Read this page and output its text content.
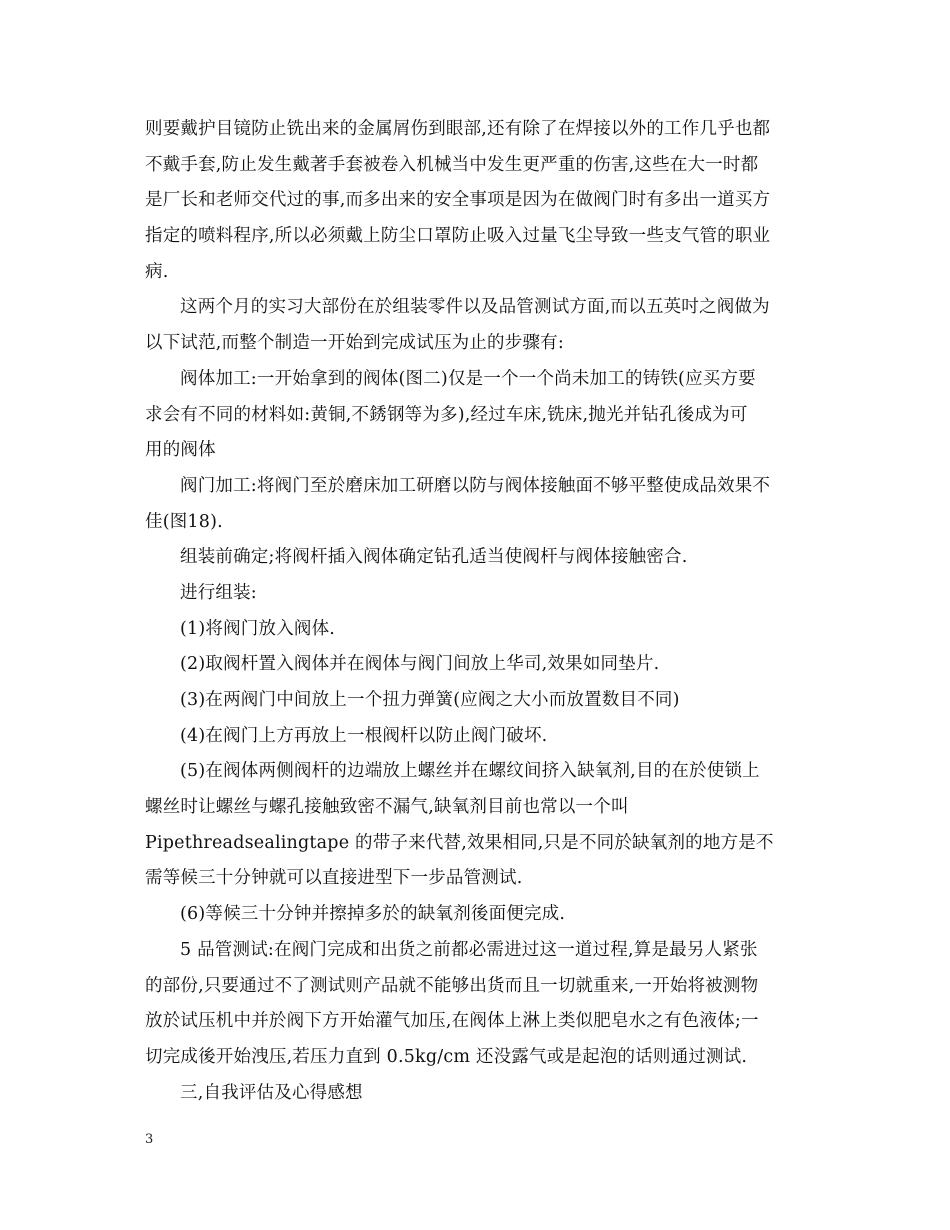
则要戴护目镜防止铣出来的金属屑伤到眼部,还有除了在焊接以外的工作几乎也都
不戴手套,防止发生戴著手套被卷入机械当中发生更严重的伤害,这些在大一时都
是厂长和老师交代过的事,而多出来的安全事项是因为在做阀门时有多出一道买方
指定的喷料程序,所以必须戴上防尘口罩防止吸入过量飞尘导致一些支气管的职业
病.
这两个月的实习大部份在於组装零件以及品管测试方面,而以五英吋之阀做为
以下试范,而整个制造一开始到完成试压为止的步骤有:
阀体加工:一开始拿到的阀体(图二)仅是一个一个尚未加工的铸铁(应买方要
求会有不同的材料如:黄铜,不銹钢等为多),经过车床,铣床,抛光并钻孔後成为可
用的阀体
阀门加工:将阀门至於磨床加工研磨以防与阀体接触面不够平整使成品效果不
佳(图18).
组装前确定;将阀杆插入阀体确定钻孔适当使阀杆与阀体接触密合.
进行组装:
(1)将阀门放入阀体.
(2)取阀杆置入阀体并在阀体与阀门间放上华司,效果如同垫片.
(3)在两阀门中间放上一个扭力弹簧(应阀之大小而放置数目不同)
(4)在阀门上方再放上一根阀杆以防止阀门破坏.
(5)在阀体两侧阀杆的边端放上螺丝并在螺纹间挤入缺氧剂,目的在於使锁上
螺丝时让螺丝与螺孔接触致密不漏气,缺氧剂目前也常以一个叫
Pipethreadsealingtape 的带子来代替,效果相同,只是不同於缺氧剂的地方是不
需等候三十分钟就可以直接进型下一步品管测试.
(6)等候三十分钟并擦掉多於的缺氧剂後面便完成.
5 品管测试:在阀门完成和出货之前都必需进过这一道过程,算是最另人紧张
的部份,只要通过不了测试则产品就不能够出货而且一切就重来,一开始将被测物
放於试压机中并於阀下方开始灌气加压,在阀体上淋上类似肥皂水之有色液体;一
切完成後开始洩压,若压力直到 0.5kg/cm 还没露气或是起泡的话则通过测试.
三,自我评估及心得感想
3
